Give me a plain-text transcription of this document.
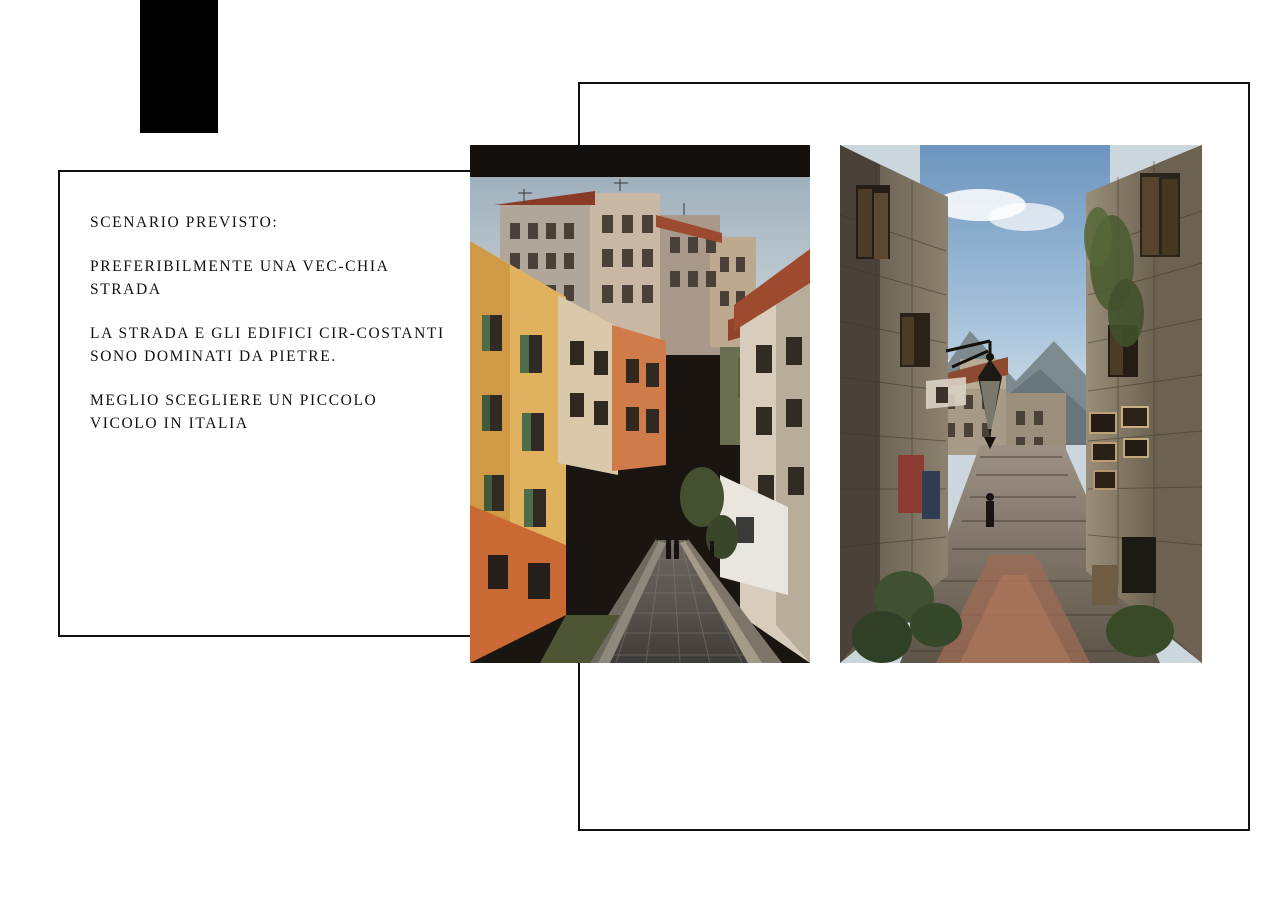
SCENARIO PREVISTO:

PREFERIBILMENTE UNA VEC-CHIA STRADA

LA STRADA E GLI EDIFICI CIR-COSTANTI SONO DOMINATI DA PIETRE.

MEGLIO SCEGLIERE UN PICCOLO VICOLO IN ITALIA
